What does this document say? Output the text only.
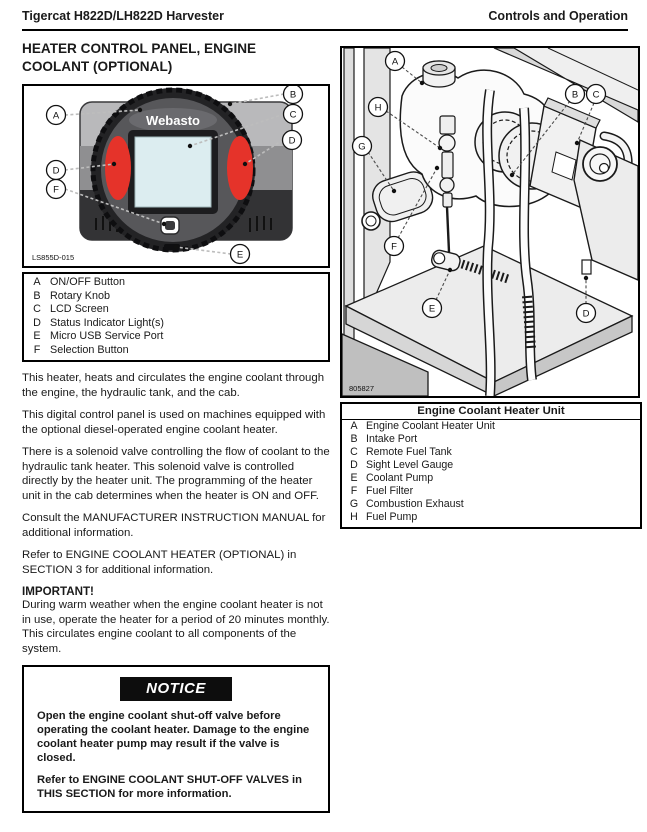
Tigercat H822D/LH822D Harvester	Controls and Operation
HEATER CONTROL PANEL, ENGINE COOLANT (OPTIONAL)
Webasto
A
B
C
D
D
F
E
LS855D-015
A ON/OFF Button
B Rotary Knob
C LCD Screen
D Status Indicator Light(s)
E Micro USB Service Port
F Selection Button

This heater, heats and circulates the engine coolant through the engine, the hydraulic tank, and the cab.

This digital control panel is used on machines equipped with the optional diesel-operated engine coolant heater.

There is a solenoid valve controlling the flow of coolant to the hydraulic tank heater. This solenoid valve is controlled directly by the heater unit. The programming of the heater unit in the cab determines when the heater is ON and OFF.

Consult the MANUFACTURER INSTRUCTION MANUAL for additional information.

Refer to ENGINE COOLANT HEATER (OPTIONAL) in SECTION 3 for additional information.

IMPORTANT!

During warm weather when the engine coolant heater is not in use, operate the heater for a period of 20 minutes monthly. This circulates engine coolant to all components of the system.

NOTICE

Open the engine coolant shut-off valve before operating the coolant heater. Damage to the engine coolant heater pump may result if the valve is closed.

Refer to ENGINE COOLANT SHUT-OFF VALVES in THIS SECTION for more information.

A
H
G
B C
F
E	D
805827
Engine Coolant Heater Unit
A Engine Coolant Heater Unit
B Intake Port
C Remote Fuel Tank
D Sight Level Gauge
E Coolant Pump
F Fuel Filter
G Combustion Exhaust
H Fuel Pump
